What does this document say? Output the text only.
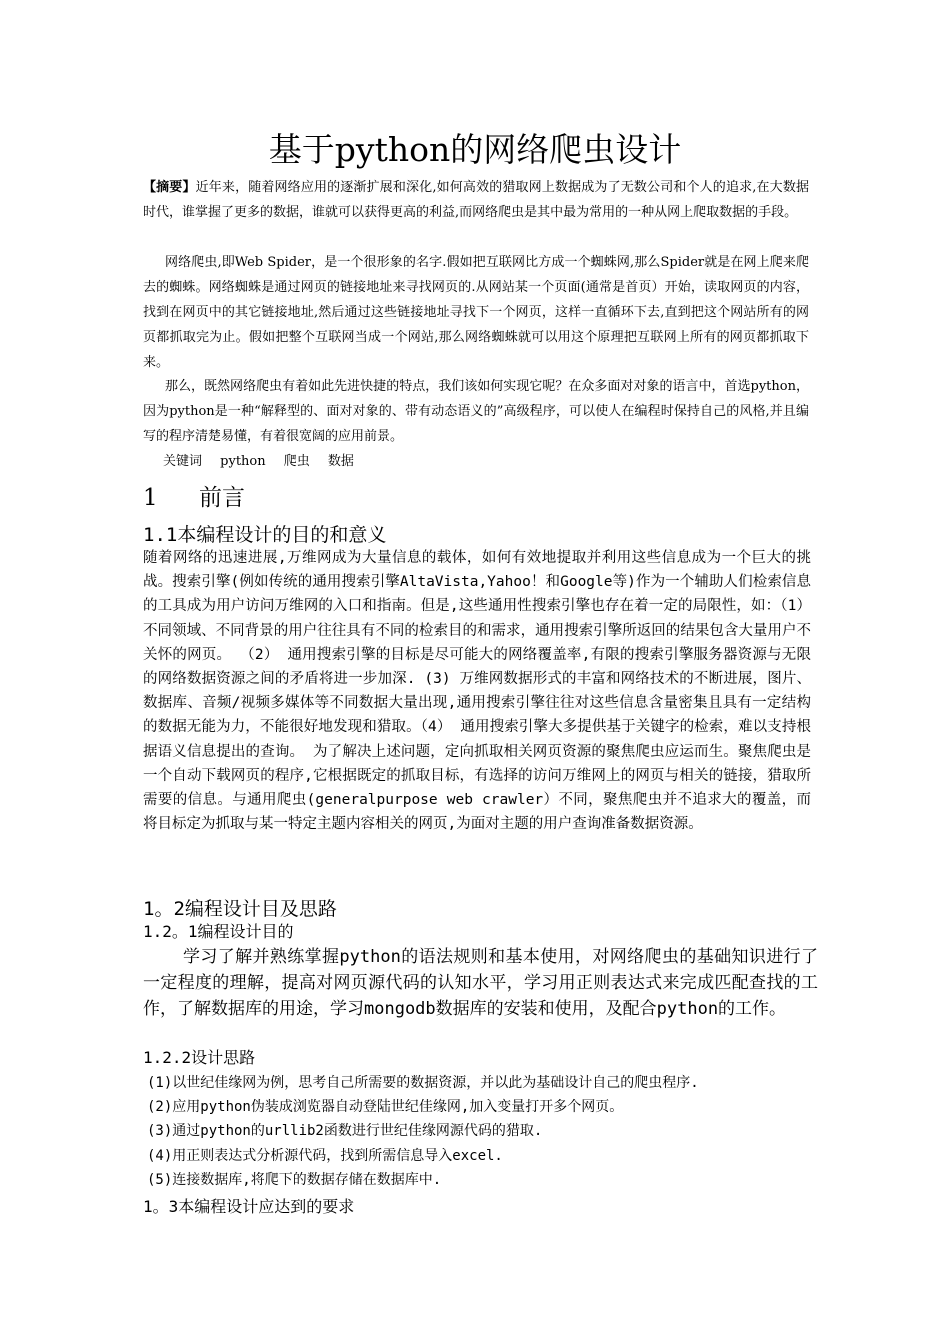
基于python的网络爬虫设计

【摘要】近年来，随着网络应用的逐渐扩展和深化,如何高效的猎取网上数据成为了无数公司和个人的追求,在大数据时代，谁掌握了更多的数据，谁就可以获得更高的利益,而网络爬虫是其中最为常用的一种从网上爬取数据的手段。

网络爬虫,即Web Spider，是一个很形象的名字.假如把互联网比方成一个蜘蛛网,那么Spider就是在网上爬来爬去的蜘蛛。网络蜘蛛是通过网页的链接地址来寻找网页的.从网站某一个页面(通常是首页）开始，读取网页的内容，找到在网页中的其它链接地址,然后通过这些链接地址寻找下一个网页，这样一直循环下去,直到把这个网站所有的网页都抓取完为止。假如把整个互联网当成一个网站,那么网络蜘蛛就可以用这个原理把互联网上所有的网页都抓取下来。

那么，既然网络爬虫有着如此先进快捷的特点，我们该如何实现它呢？在众多面对对象的语言中，首选python，因为python是一种“解释型的、面对对象的、带有动态语义的”高级程序，可以使人在编程时保持自己的风格,并且编写的程序清楚易懂，有着很宽阔的应用前景。

关键词 python 爬虫 数据

1 前言
1.1本编程设计的目的和意义

随着网络的迅速进展,万维网成为大量信息的载体，如何有效地提取并利用这些信息成为一个巨大的挑战。搜索引擎(例如传统的通用搜索引擎AltaVista,Yahoo！和Google等)作为一个辅助人们检索信息的工具成为用户访问万维网的入口和指南。但是,这些通用性搜索引擎也存在着一定的局限性，如：（1） 不同领域、不同背景的用户往往具有不同的检索目的和需求，通用搜索引擎所返回的结果包含大量用户不关怀的网页。 （2） 通用搜索引擎的目标是尽可能大的网络覆盖率,有限的搜索引擎服务器资源与无限的网络数据资源之间的矛盾将进一步加深. (3) 万维网数据形式的丰富和网络技术的不断进展，图片、数据库、音频/视频多媒体等不同数据大量出现,通用搜索引擎往往对这些信息含量密集且具有一定结构的数据无能为力，不能很好地发现和猎取。（4） 通用搜索引擎大多提供基于关键字的检索，难以支持根据语义信息提出的查询。 为了解决上述问题，定向抓取相关网页资源的聚焦爬虫应运而生。聚焦爬虫是一个自动下载网页的程序,它根据既定的抓取目标，有选择的访问万维网上的网页与相关的链接，猎取所需要的信息。与通用爬虫(generalpurpose web crawler）不同，聚焦爬虫并不追求大的覆盖，而将目标定为抓取与某一特定主题内容相关的网页,为面对主题的用户查询准备数据资源。

1。2编程设计目及思路
1.2。1编程设计目的

学习了解并熟练掌握python的语法规则和基本使用，对网络爬虫的基础知识进行了一定程度的理解，提高对网页源代码的认知水平，学习用正则表达式来完成匹配查找的工作，了解数据库的用途，学习mongodb数据库的安装和使用，及配合python的工作。

1.2.2设计思路
(1)以世纪佳缘网为例，思考自己所需要的数据资源，并以此为基础设计自己的爬虫程序.
(2)应用python伪装成浏览器自动登陆世纪佳缘网,加入变量打开多个网页。
(3)通过python的urllib2函数进行世纪佳缘网源代码的猎取.
(4)用正则表达式分析源代码，找到所需信息导入excel.
(5)连接数据库,将爬下的数据存储在数据库中.
1。3本编程设计应达到的要求
